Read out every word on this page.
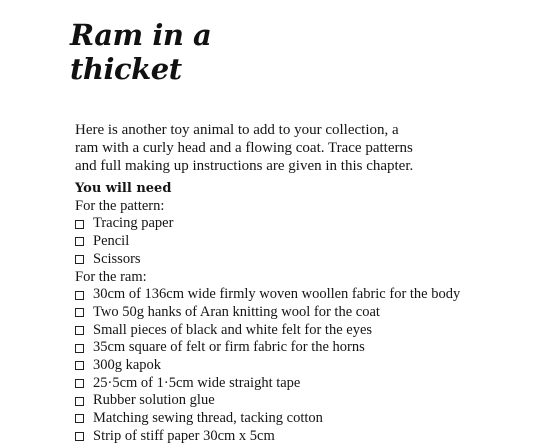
Ram in a
thicket

Here is another toy animal to add to your collection, a
ram with a curly head and a flowing coat. Trace patterns
and full making up instructions are given in this chapter.

You will need
For the pattern:
Tracing paper
Pencil
Scissors
For the ram:
30cm of 136cm wide firmly woven woollen fabric for the body
Two 50g hanks of Aran knitting wool for the coat
Small pieces of black and white felt for the eyes
35cm square of felt or firm fabric for the horns
300g kapok
25·5cm of 1·5cm wide straight tape
Rubber solution glue
Matching sewing thread, tacking cotton
Strip of stiff paper 30cm x 5cm
